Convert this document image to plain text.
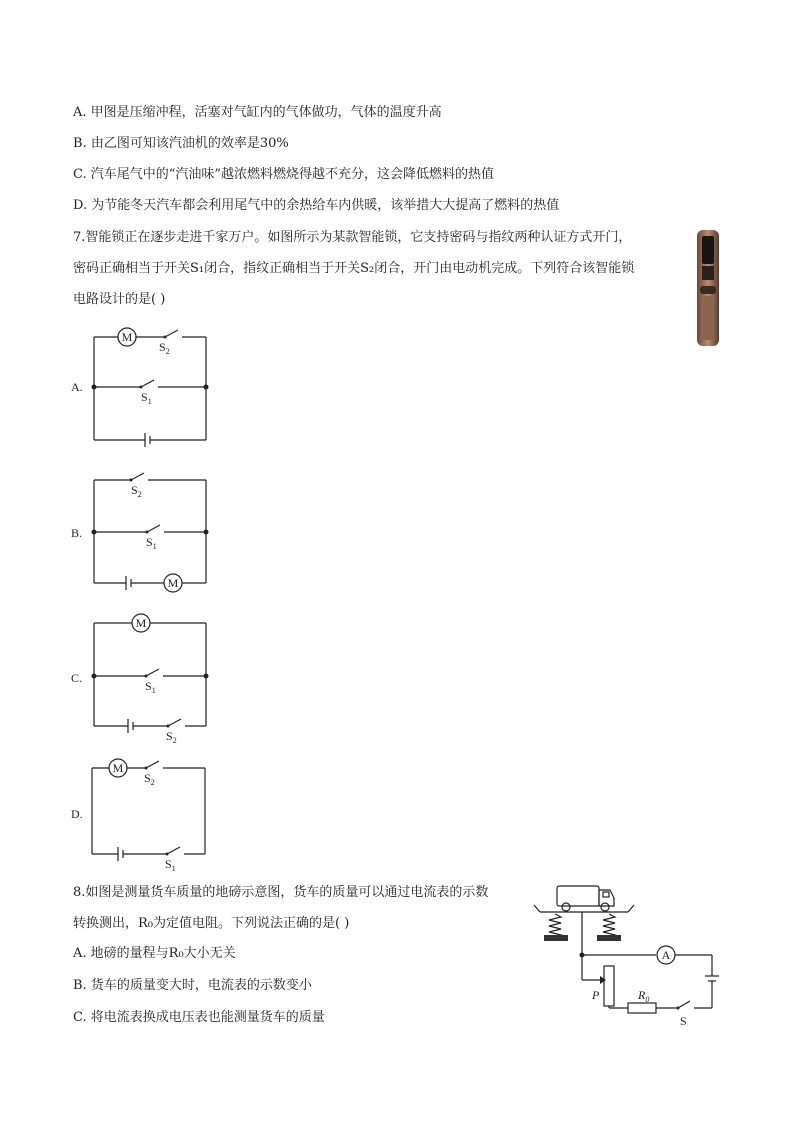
A. 甲图是压缩冲程，活塞对气缸内的气体做功，气体的温度升高
B. 由乙图可知该汽油机的效率是30%
C. 汽车尾气中的“汽油味”越浓燃料燃烧得越不充分，这会降低燃料的热值
D. 为节能冬天汽车都会利用尾气中的余热给车内供暖，该举措大大提高了燃料的热值
7.智能锁正在逐步走进千家万户。如图所示为某款智能锁，它支持密码与指纹两种认证方式开门，
密码正确相当于开关S₁闭合，指纹正确相当于开关S₂闭合，开门由电动机完成。下列符合该智能锁
电路设计的是( )
A.
B.
C.
D.
M
$S_2$
$S_1$
$S_2$
$S_1$
M
M
$S_1$
$S_2$
M
$S_2$
$S_1$
8.如图是测量货车质量的地磅示意图，货车的质量可以通过电流表的示数
转换测出，R₀为定值电阻。下列说法正确的是( )
A. 地磅的量程与R₀大小无关
B. 货车的质量变大时，电流表的示数变小
C. 将电流表换成电压表也能测量货车的质量
A
P	$R_0$
S
